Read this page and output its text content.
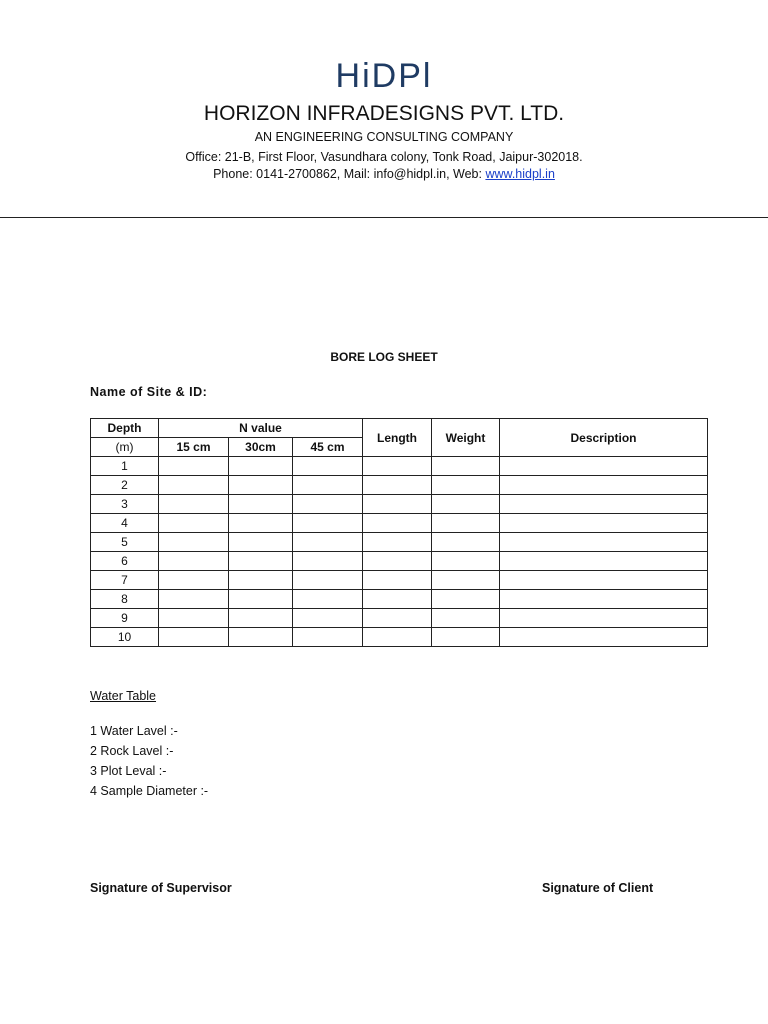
HiDPl
HORIZON INFRADESIGNS PVT. LTD.
AN ENGINEERING CONSULTING COMPANY
Office: 21-B, First Floor, Vasundhara colony, Tonk Road, Jaipur-302018.
Phone: 0141-2700862, Mail: info@hidpl.in, Web: www.hidpl.in
BORE LOG SHEET
Name of Site & ID:
Depth	N value			Length	Weight	Description
(m)	15 cm	30cm	45 cm			
1						
2						
3						
4						
5						
6						
7						
8						
9						
10						
Water Table
1 Water Lavel :-
2 Rock Lavel :-
3 Plot Leval :-
4 Sample Diameter :-
Signature of Supervisor	Signature of Client
